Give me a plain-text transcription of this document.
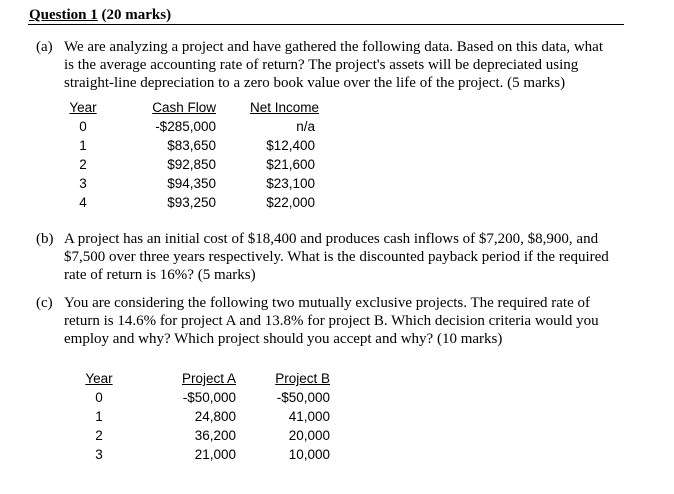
Question 1 (20 marks)
(a) We are analyzing a project and have gathered the following data. Based on this data, what
is the average accounting rate of return? The project's assets will be depreciated using
straight-line depreciation to a zero book value over the life of the project. (5 marks)
Year	Cash Flow	Net Income
0	-$285,000	n/a
1	$83,650	$12,400
2	$92,850	$21,600
3	$94,350	$23,100
4	$93,250	$22,000
(b) A project has an initial cost of $18,400 and produces cash inflows of $7,200, $8,900, and
$7,500 over three years respectively. What is the discounted payback period if the required
rate of return is 16%? (5 marks)
(c) You are considering the following two mutually exclusive projects. The required rate of
return is 14.6% for project A and 13.8% for project B. Which decision criteria would you
employ and why? Which project should you accept and why? (10 marks)
Year	Project A	Project B
0	-$50,000	-$50,000
1	24,800	41,000
2	36,200	20,000
3	21,000	10,000
